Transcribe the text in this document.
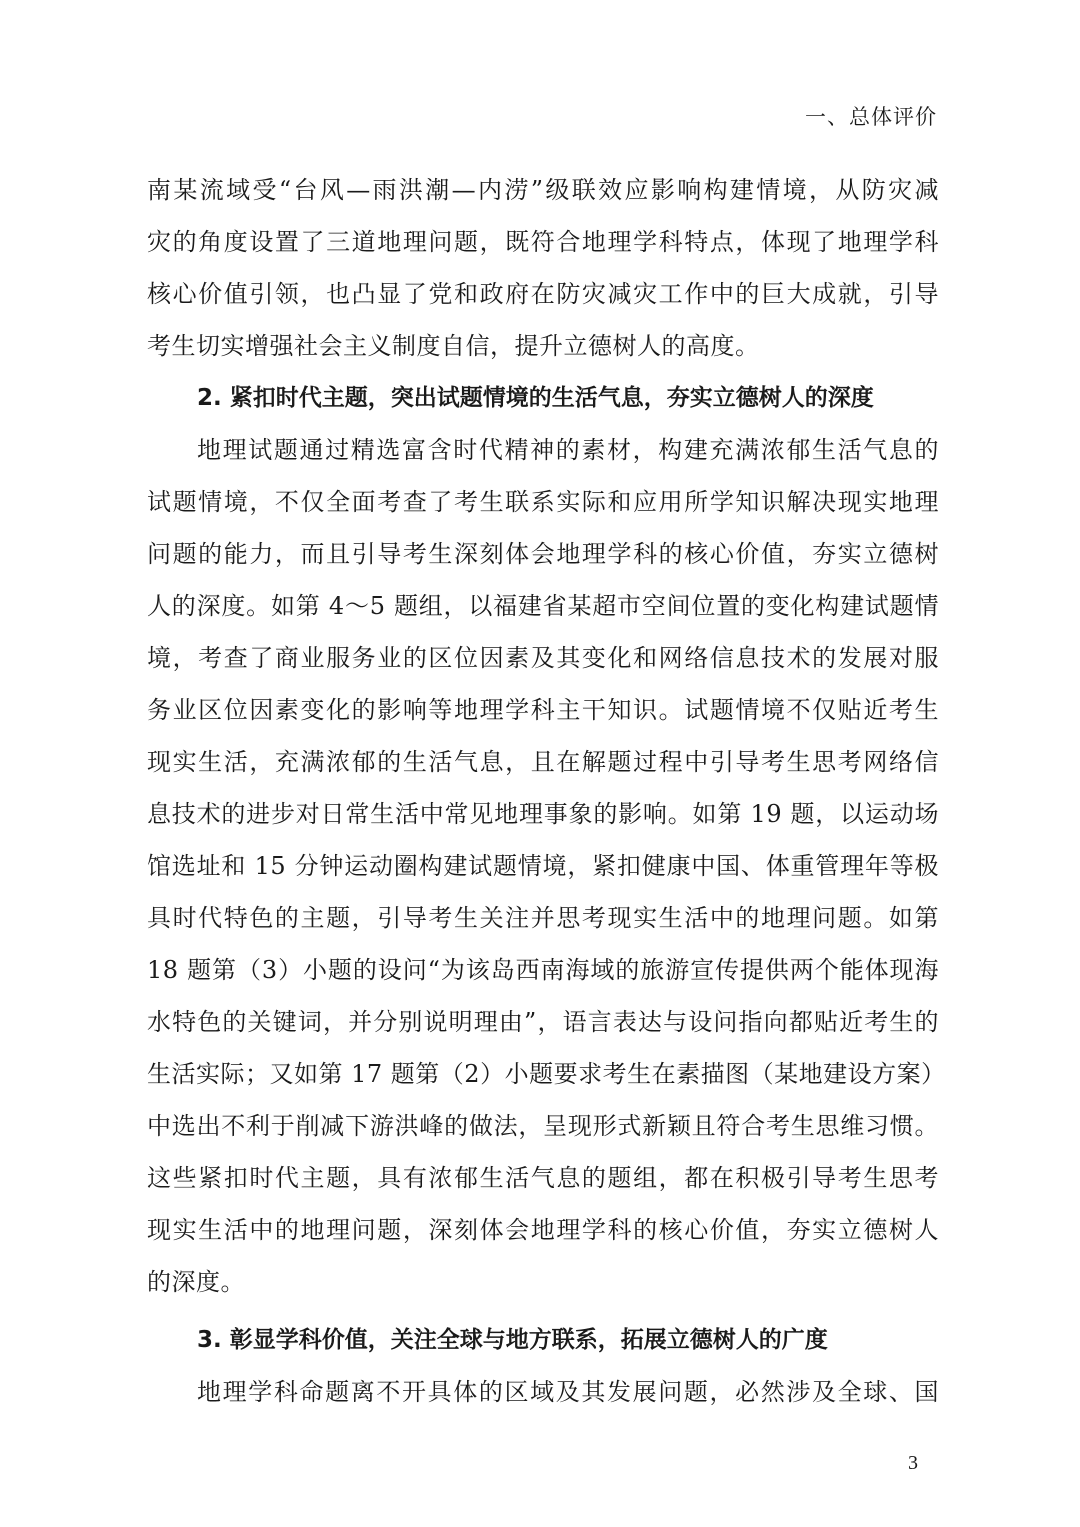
一、总体评价
南某流域受“台风—雨洪潮—内涝”级联效应影响构建情境，从防灾减
灾的角度设置了三道地理问题，既符合地理学科特点，体现了地理学科
核心价值引领，也凸显了党和政府在防灾减灾工作中的巨大成就，引导
考生切实增强社会主义制度自信，提升立德树人的高度。
2. 紧扣时代主题，突出试题情境的生活气息，夯实立德树人的深度
地理试题通过精选富含时代精神的素材，构建充满浓郁生活气息的
试题情境，不仅全面考查了考生联系实际和应用所学知识解决现实地理
问题的能力，而且引导考生深刻体会地理学科的核心价值，夯实立德树
人的深度。如第 4～5 题组，以福建省某超市空间位置的变化构建试题情
境，考查了商业服务业的区位因素及其变化和网络信息技术的发展对服
务业区位因素变化的影响等地理学科主干知识。试题情境不仅贴近考生
现实生活，充满浓郁的生活气息，且在解题过程中引导考生思考网络信
息技术的进步对日常生活中常见地理事象的影响。如第 19 题，以运动场
馆选址和 15 分钟运动圈构建试题情境，紧扣健康中国、体重管理年等极
具时代特色的主题，引导考生关注并思考现实生活中的地理问题。如第
18 题第（3）小题的设问“为该岛西南海域的旅游宣传提供两个能体现海
水特色的关键词，并分别说明理由”，语言表达与设问指向都贴近考生的
生活实际；又如第 17 题第（2）小题要求考生在素描图（某地建设方案）
中选出不利于削减下游洪峰的做法，呈现形式新颖且符合考生思维习惯。
这些紧扣时代主题，具有浓郁生活气息的题组，都在积极引导考生思考
现实生活中的地理问题，深刻体会地理学科的核心价值，夯实立德树人
的深度。
3. 彰显学科价值，关注全球与地方联系，拓展立德树人的广度
地理学科命题离不开具体的区域及其发展问题，必然涉及全球、国
3
